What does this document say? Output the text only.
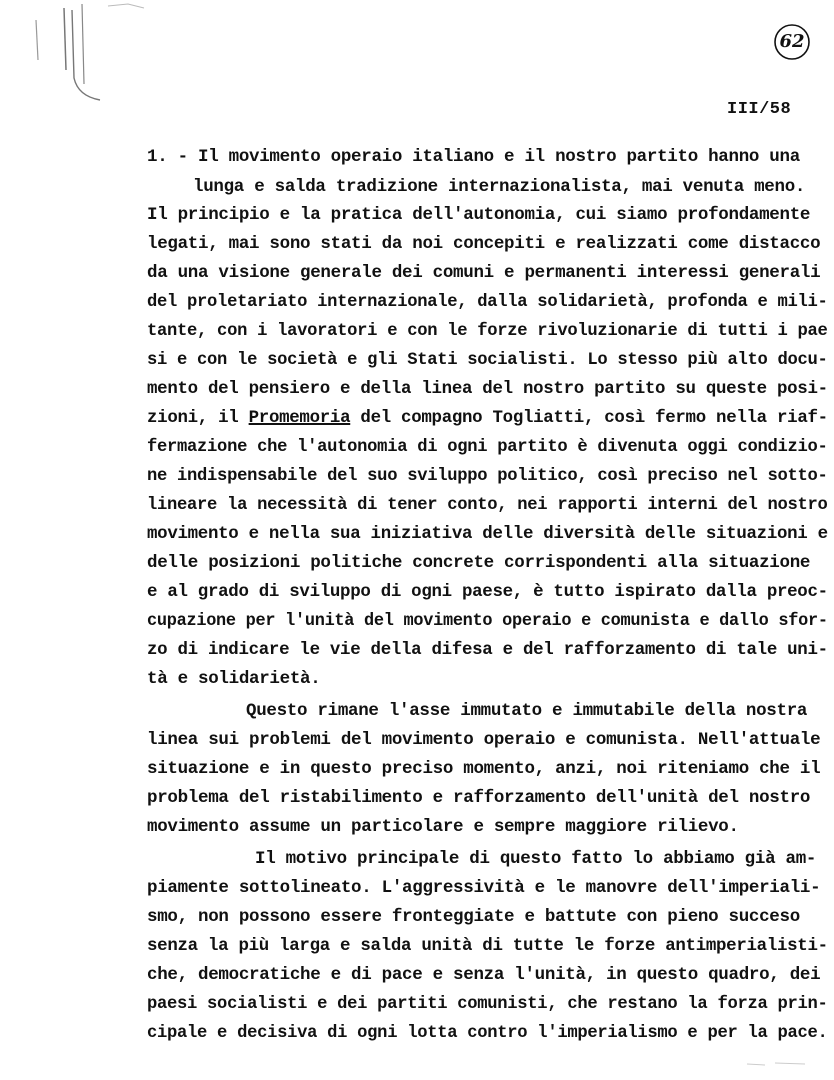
62
III/58
1. - Il movimento operaio italiano e il nostro partito hanno una
lunga e salda tradizione internazionalista, mai venuta meno.
Il principio e la pratica dell'autonomia, cui siamo profondamente
legati, mai sono stati da noi concepiti e realizzati come distacco
da una visione generale dei comuni e permanenti interessi generali
del proletariato internazionale, dalla solidarietà, profonda e mili-
tante, con i lavoratori e con le forze rivoluzionarie di tutti i pae
si e con le società e gli Stati socialisti. Lo stesso più alto docu-
mento del pensiero e della linea del nostro partito su queste posi-
zioni, il Promemoria del compagno Togliatti, così fermo nella riaf-
fermazione che l'autonomia di ogni partito è divenuta oggi condizio-
ne indispensabile del suo sviluppo politico, così preciso nel sotto-
lineare la necessità di tener conto, nei rapporti interni del nostro
movimento e nella sua iniziativa delle diversità delle situazioni e
delle posizioni politiche concrete corrispondenti alla situazione
e al grado di sviluppo di ogni paese, è tutto ispirato dalla preoc-
cupazione per l'unità del movimento operaio e comunista e dallo sfor-
zo di indicare le vie della difesa e del rafforzamento di tale uni-
tà e solidarietà.
Questo rimane l'asse immutato e immutabile della nostra
linea sui problemi del movimento operaio e comunista. Nell'attuale
situazione e in questo preciso momento, anzi, noi riteniamo che il
problema del ristabilimento e rafforzamento dell'unità del nostro
movimento assume un particolare e sempre maggiore rilievo.
Il motivo principale di questo fatto lo abbiamo già am-
piamente sottolineato. L'aggressività e le manovre dell'imperiali-
smo, non possono essere fronteggiate e battute con pieno succeso
senza la più larga e salda unità di tutte le forze antimperialisti-
che, democratiche e di pace e senza l'unità, in questo quadro, dei
paesi socialisti e dei partiti comunisti, che restano la forza prin-
cipale e decisiva di ogni lotta contro l'imperialismo e per la pace.
